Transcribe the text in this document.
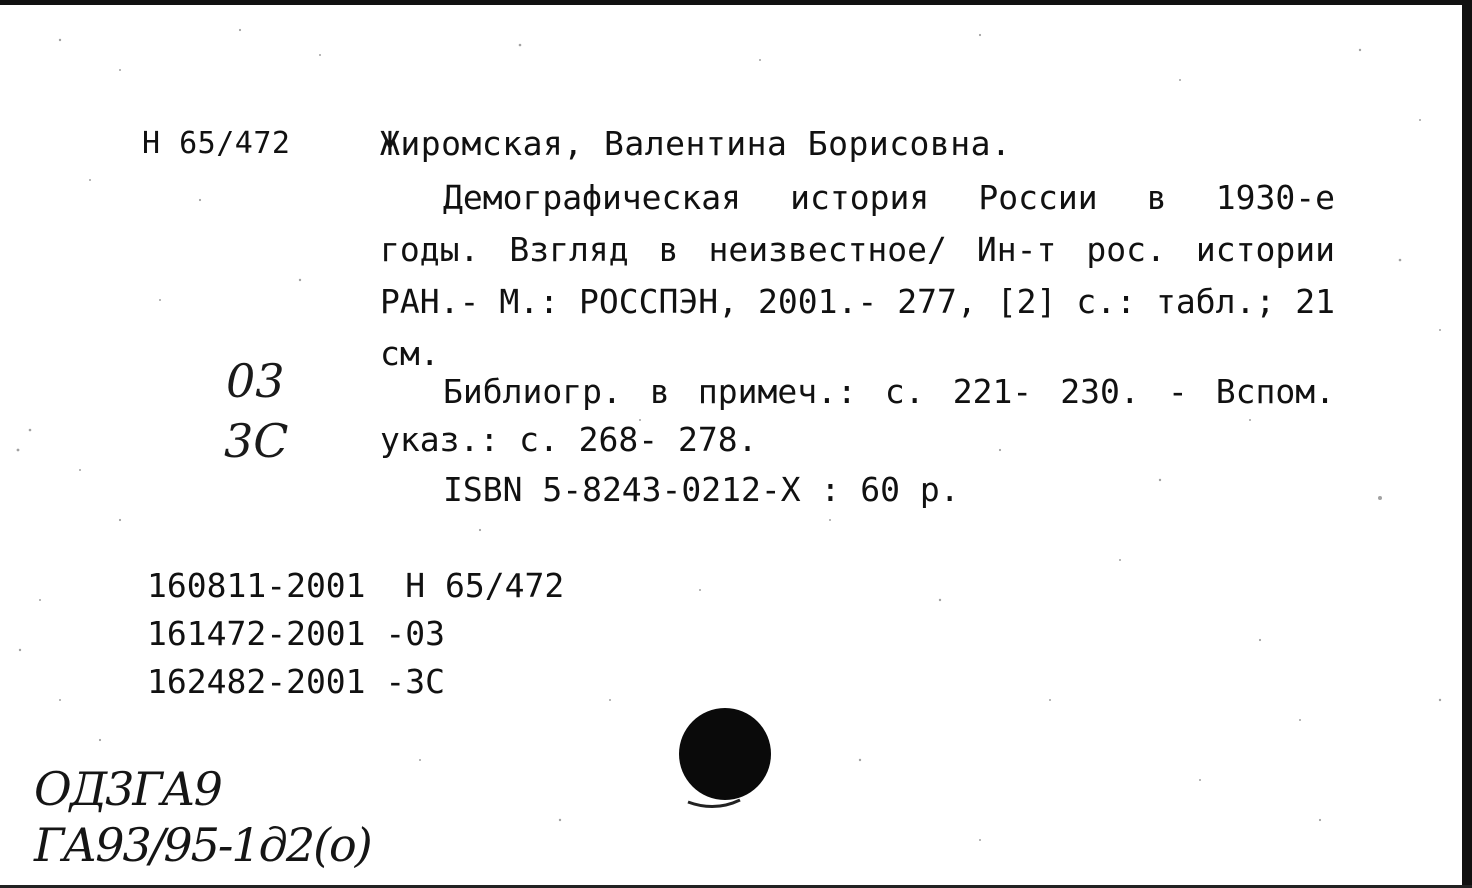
Н 65/472	Жиромская, Валентина Борисовна.

Демографическая история России в 1930-е годы. Взгляд в неизвестное/ Ин-т рос. истории РАН.- М.: РОССПЭН, 2001.- 277, [2] с.: табл.; 21 см.

Библиогр. в примеч.: с. 221- 230. - Вспом. указ.: с. 268- 278.

ISBN 5-8243-0212-X : 60 р.

03
3C
160811-2001  Н 65/472
161472-2001 -03
162482-2001 -3С
ОД3ГА9
ГА93/95-1д2(о)
